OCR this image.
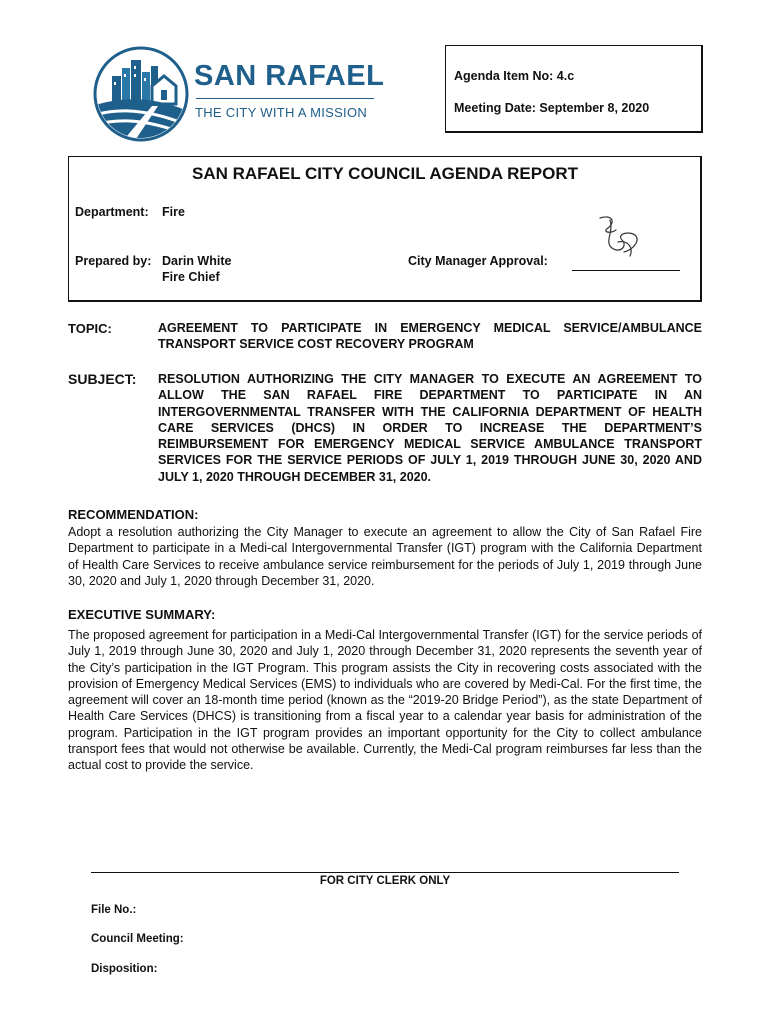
SAN RAFAEL
THE CITY WITH A MISSION
Agenda Item No: 4.c
Meeting Date: September 8, 2020
SAN RAFAEL CITY COUNCIL AGENDA REPORT
Department: Fire
Prepared by: Darin White
Fire Chief
City Manager Approval:
TOPIC:	AGREEMENT TO PARTICIPATE IN EMERGENCY MEDICAL SERVICE/AMBULANCE TRANSPORT SERVICE COST RECOVERY PROGRAM
SUBJECT: RESOLUTION AUTHORIZING THE CITY MANAGER TO EXECUTE AN AGREEMENT TO ALLOW THE SAN RAFAEL FIRE DEPARTMENT TO PARTICIPATE IN AN INTERGOVERNMENTAL TRANSFER WITH THE CALIFORNIA DEPARTMENT OF HEALTH CARE SERVICES (DHCS) IN ORDER TO INCREASE THE DEPARTMENT’S REIMBURSEMENT FOR EMERGENCY MEDICAL SERVICE AMBULANCE TRANSPORT SERVICES FOR THE SERVICE PERIODS OF JULY 1, 2019 THROUGH JUNE 30, 2020 AND JULY 1, 2020 THROUGH DECEMBER 31, 2020.
RECOMMENDATION:
Adopt a resolution authorizing the City Manager to execute an agreement to allow the City of San Rafael Fire Department to participate in a Medi-cal Intergovernmental Transfer (IGT) program with the California Department of Health Care Services to receive ambulance service reimbursement for the periods of July 1, 2019 through June 30, 2020 and July 1, 2020 through December 31, 2020.
EXECUTIVE SUMMARY:
The proposed agreement for participation in a Medi-Cal Intergovernmental Transfer (IGT) for the service periods of July 1, 2019 through June 30, 2020 and July 1, 2020 through December 31, 2020 represents the seventh year of the City’s participation in the IGT Program. This program assists the City in recovering costs associated with the provision of Emergency Medical Services (EMS) to individuals who are covered by Medi-Cal. For the first time, the agreement will cover an 18-month time period (known as the “2019-20 Bridge Period”), as the state Department of Health Care Services (DHCS) is transitioning from a fiscal year to a calendar year basis for administration of the program. Participation in the IGT program provides an important opportunity for the City to collect ambulance transport fees that would not otherwise be available. Currently, the Medi-Cal program reimburses far less than the actual cost to provide the service.
FOR CITY CLERK ONLY
File No.:
Council Meeting:
Disposition:
